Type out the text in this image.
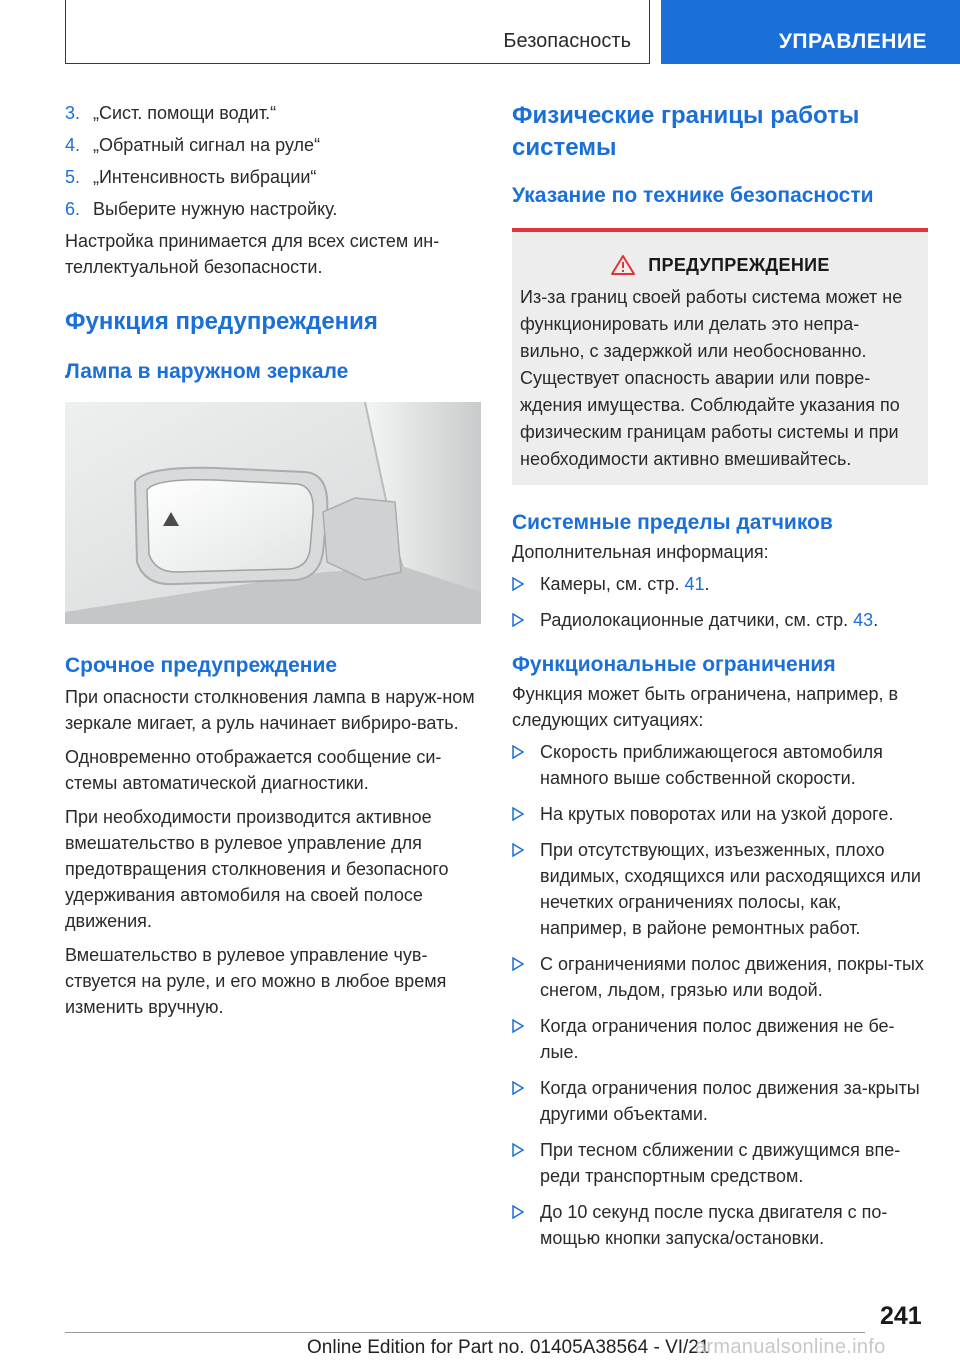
Безопасность	УПРАВЛЕНИЕ
3. „Сист. помощи водит.“
4. „Обратный сигнал на руле“
5. „Интенсивность вибрации“
6. Выберите нужную настройку.

Настройка принимается для всех систем ин‐теллектуальной безопасности.

Функция предупреждения
Лампа в наружном зеркале
Срочное предупреждение

При опасности столкновения лампа в наруж‐ном зеркале мигает, а руль начинает вибриро‐вать.

Одновременно отображается сообщение си‐стемы автоматической диагностики.

При необходимости производится активное вмешательство в рулевое управление для предотвращения столкновения и безопасного удерживания автомобиля на своей полосе движения.

Вмешательство в рулевое управление чув‐ствуется на руле, и его можно в любое время изменить вручную.

Физические границы работы системы
Указание по технике безопасности
ПРЕДУПРЕЖДЕНИЕ

Из-за границ своей работы система может не функционировать или делать это непра‐вильно, с задержкой или необоснованно. Существует опасность аварии или повре‐ждения имущества. Соблюдайте указания по физическим границам работы системы и при необходимости активно вмешивайтесь.

Системные пределы датчиков

Дополнительная информация:

Камеры, см. стр. 41.
Радиолокационные датчики, см. стр. 43.
Функциональные ограничения

Функция может быть ограничена, например, в следующих ситуациях:

Скорость приближающегося автомобиля намного выше собственной скорости.
На крутых поворотах или на узкой дороге.
При отсутствующих, изъезженных, плохо видимых, сходящихся или расходящихся или нечетких ограничениях полосы, как, например, в районе ремонтных работ.
С ограничениями полос движения, покры‐тых снегом, льдом, грязью или водой.
Когда ограничения полос движения не бе‐лые.
Когда ограничения полос движения за‐крыты другими объектами.
При тесном сближении с движущимся впе‐реди транспортным средством.
До 10 секунд после пуска двигателя с по‐мощью кнопки запуска/остановки.
241
Online Edition for Part no. 01405A38564 - VI/21
armanualsonline.info
